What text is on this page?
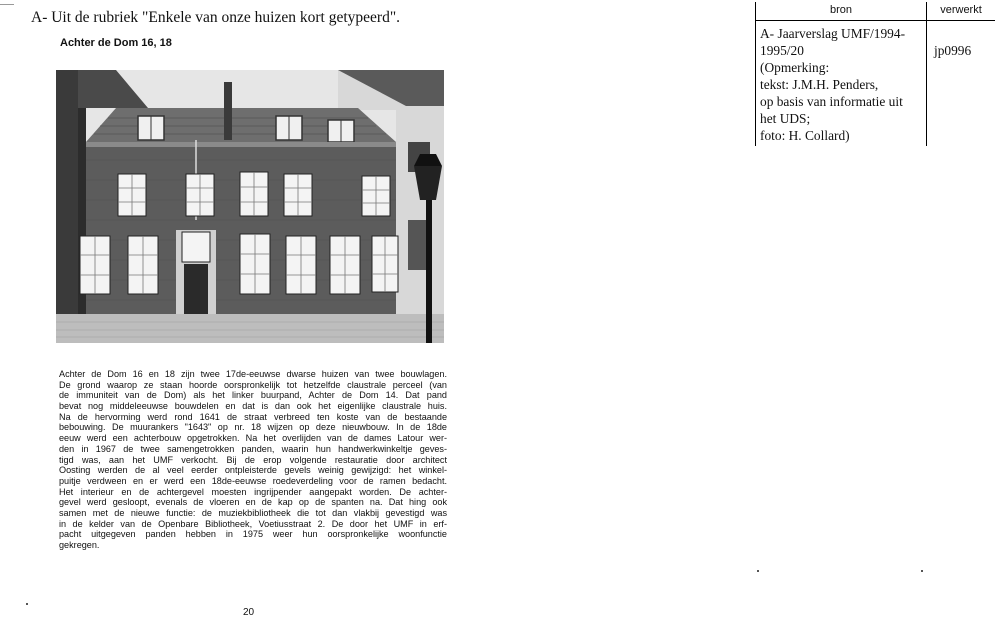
A- Uit de rubriek "Enkele van onze huizen kort getypeerd".
Achter de Dom 16, 18
Achter de Dom 16 en 18 zijn twee 17de-eeuwse dwarse huizen van twee bouwlagen.
De grond waarop ze staan hoorde oorspronkelijk tot hetzelfde claustrale perceel (van
de immuniteit van de Dom) als het linker buurpand, Achter de Dom 14. Dat pand
bevat nog middeleeuwse bouwdelen en dat is dan ook het eigenlijke claustrale huis.
Na de hervorming werd rond 1641 de straat verbreed ten koste van de bestaande
bebouwing. De muurankers "1643" op nr. 18 wijzen op deze nieuwbouw. In de 18de
eeuw werd een achterbouw opgetrokken. Na het overlijden van de dames Latour wer-
den in 1967 de twee samengetrokken panden, waarin hun handwerkwinkeltje geves-
tigd was, aan het UMF verkocht. Bij de erop volgende restauratie door architect
Oosting werden de al veel eerder ontpleisterde gevels weinig gewijzigd: het winkel-
puitje verdween en er werd een 18de-eeuwse roedeverdeling voor de ramen bedacht.
Het interieur en de achtergevel moesten ingrijpender aangepakt worden. De achter-
gevel werd gesloopt, evenals de vloeren en de kap op de spanten na. Dat hing ook
samen met de nieuwe functie: de muziekbibliotheek die tot dan vlakbij gevestigd was
in de kelder van de Openbare Bibliotheek, Voetiusstraat 2. De door het UMF in erf-
pacht uitgegeven panden hebben in 1975 weer hun oorspronkelijke woonfunctie
gekregen.
20
bron	verwerkt
A- Jaarverslag UMF/1994-
1995/20
(Opmerking:
tekst: J.M.H. Penders,
op basis van informatie uit
het UDS;
foto: H. Collard)
jp0996
